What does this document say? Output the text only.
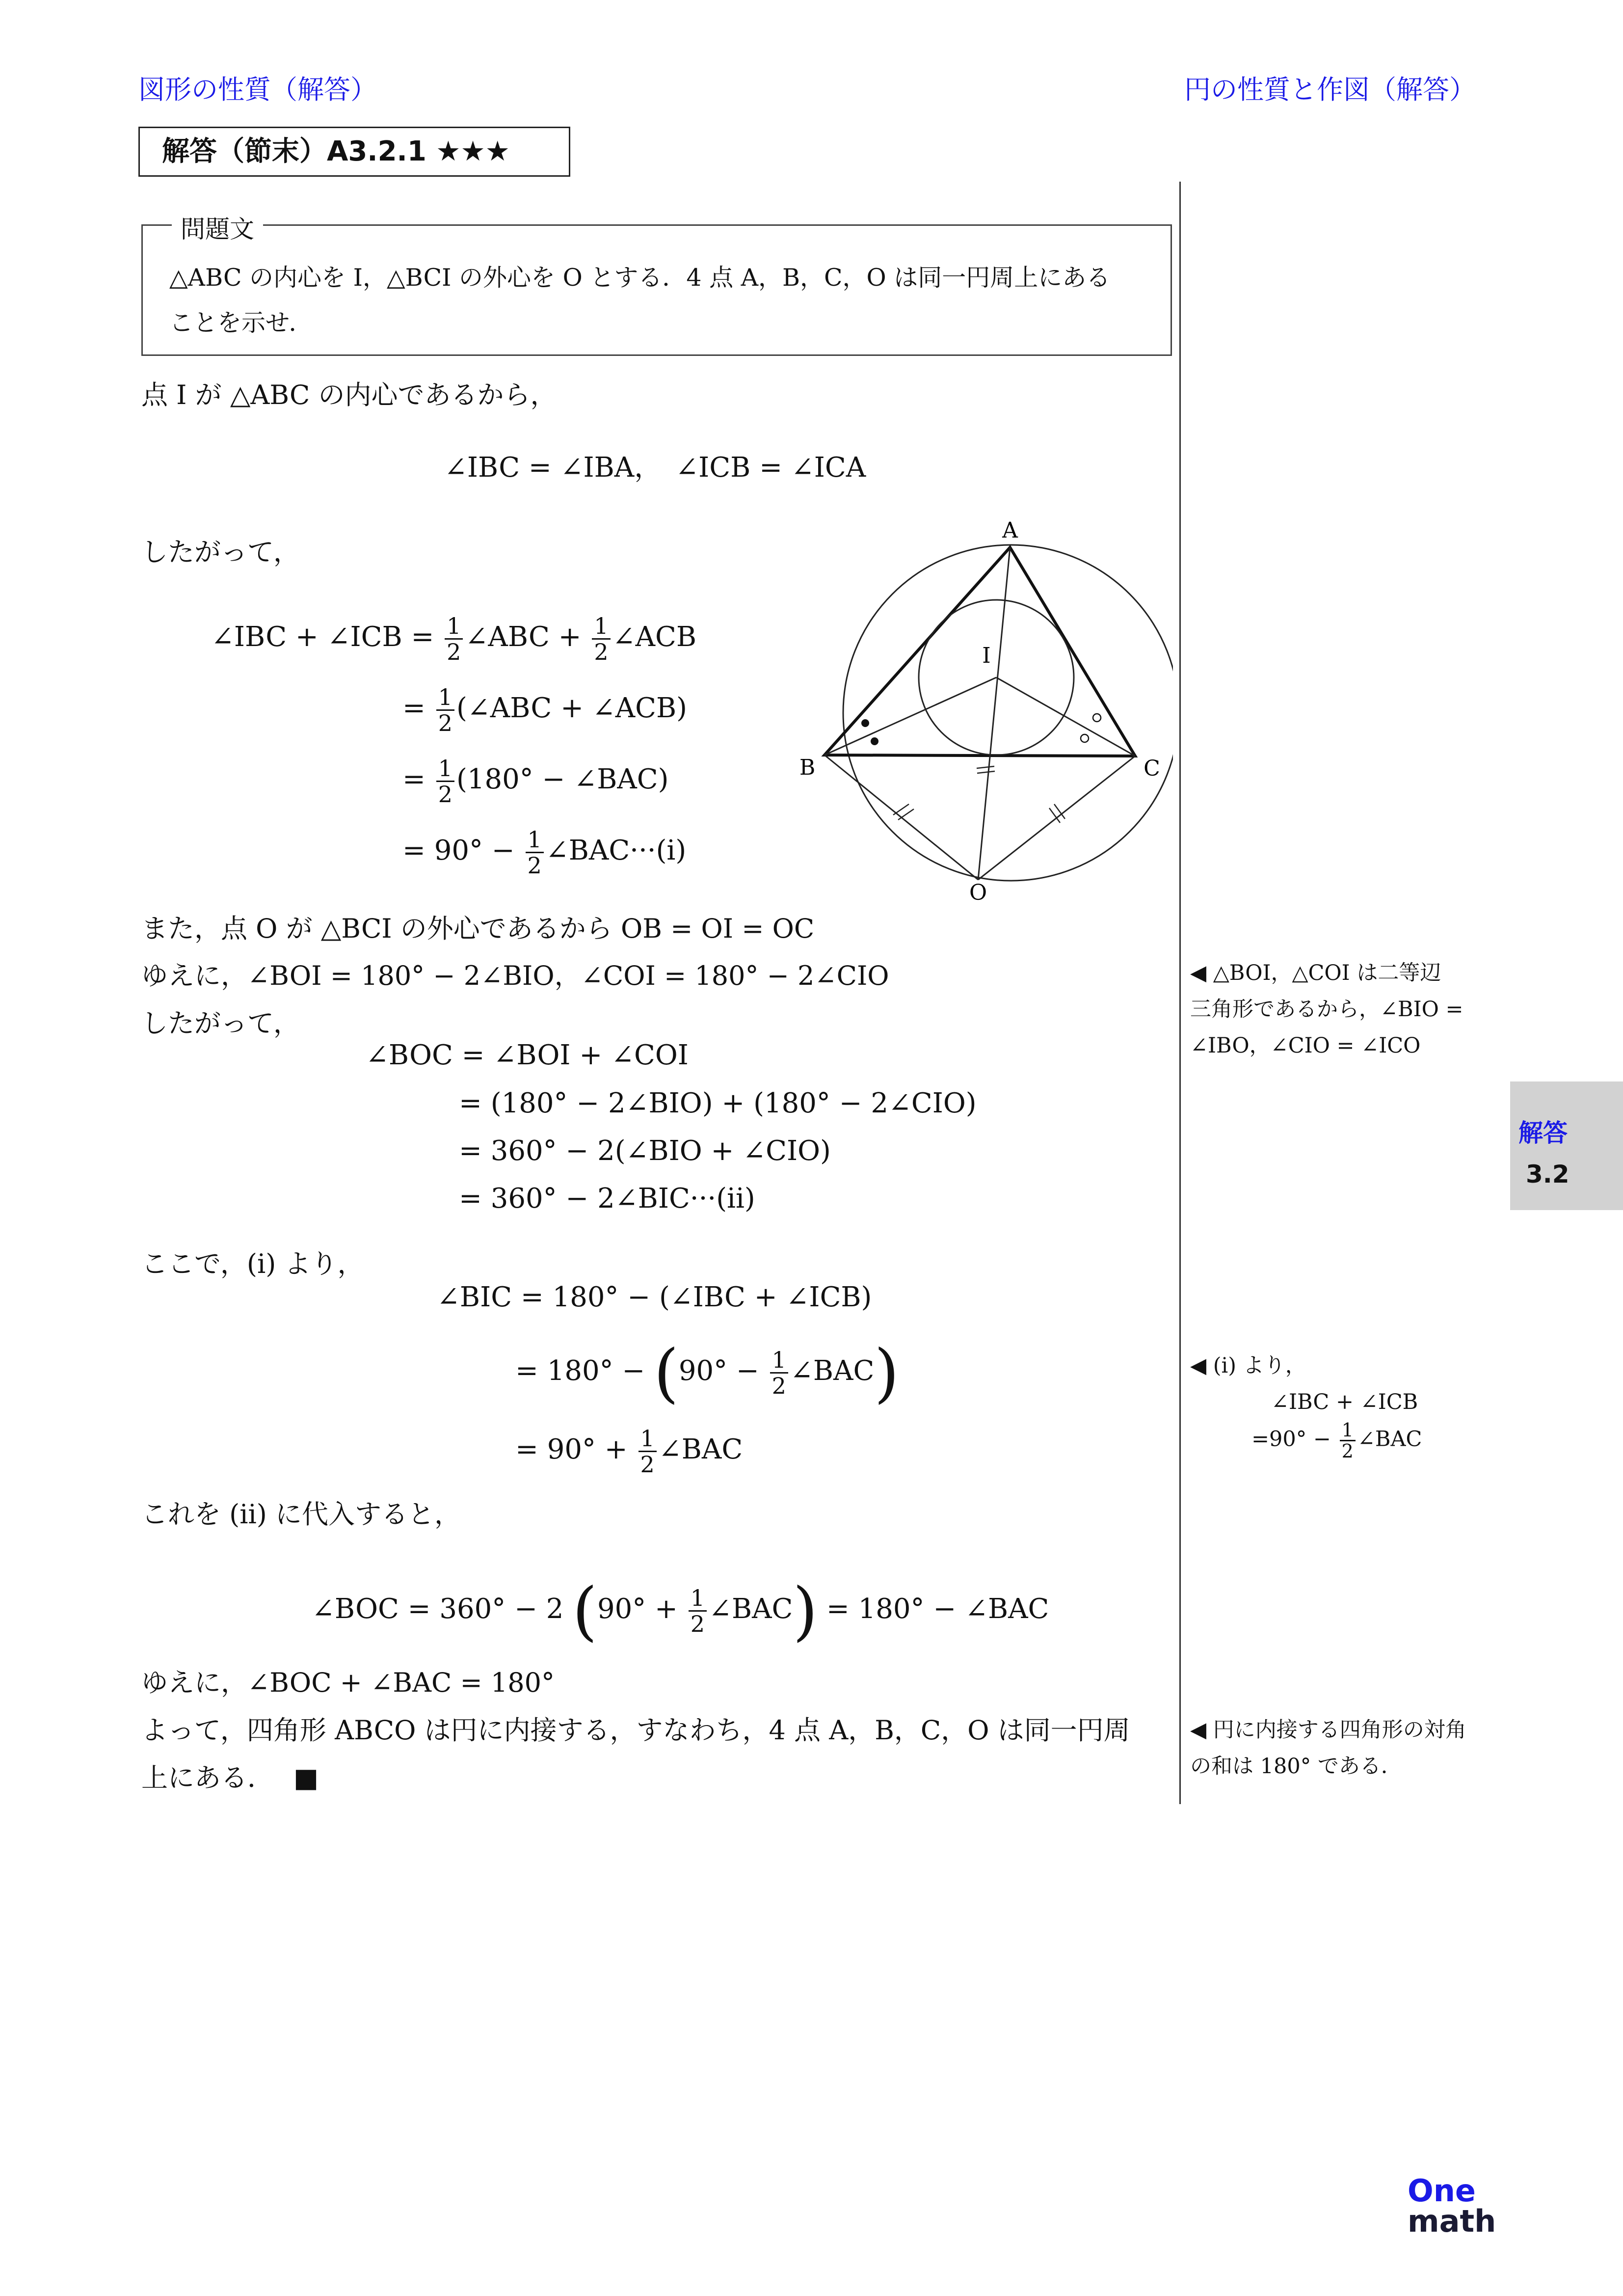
図形の性質（解答）	円の性質と作図（解答）
解答（節末）A3.2.1 ★★★
問題文
△ABC の内心を I，△BCI の外心を O とする．4 点 A，B，C，O は同一円周上にある
ことを示せ．
点 I が △ABC の内心であるから，
∠IBC = ∠IBA，　∠ICB = ∠ICA
したがって，
∠IBC + ∠ICB = $\frac{1}{2}$ ∠ABC + $\frac{1}{2}$ ∠ACB
= $\frac{1}{2}$ (∠ABC + ∠ACB)
= $\frac{1}{2} (180^\circ$ − ∠BAC)
= $90^\circ - \frac{1}{2}$ ∠BAC···(i)
A
B	C
I
O
また，点 O が △BCI の外心であるから OB = OI = OC
ゆえに，∠BOI = 180° − 2∠BIO，∠COI = 180° − 2∠CIO
したがって，
∠BOC = ∠BOI + ∠COI
= (180° − 2∠BIO) + (180° − 2∠CIO)
= 360° − 2(∠BIO + ∠CIO)
= 360° − 2∠BIC···(ii)
ここで，(i) より，
∠BIC = 180° − (∠IBC + ∠ICB)
= $180^\circ - (90^\circ - \frac{1}{2}$ ∠BAC)
= $90^\circ + \frac{1}{2}$ ∠BAC
これを (ii) に代入すると，
∠BOC = 360° − 2 ($90^\circ + \frac{1}{2}$ ∠BAC) = 180° − ∠BAC
ゆえに，∠BOC + ∠BAC = 180°
よって，四角形 ABCO は円に内接する，すなわち，4 点 A，B，C，O は同一円周
上にある． ■
◀ △BOI，△COI は二等辺
三角形であるから，∠BIO =
∠IBO，∠CIO = ∠ICO
◀ (i) より，
∠IBC + ∠ICB
$=90^\circ - \frac{1}{2}$ ∠BAC
◀ 円に内接する四角形の対角
の和は 180° である．
解答
3.2
One
math
